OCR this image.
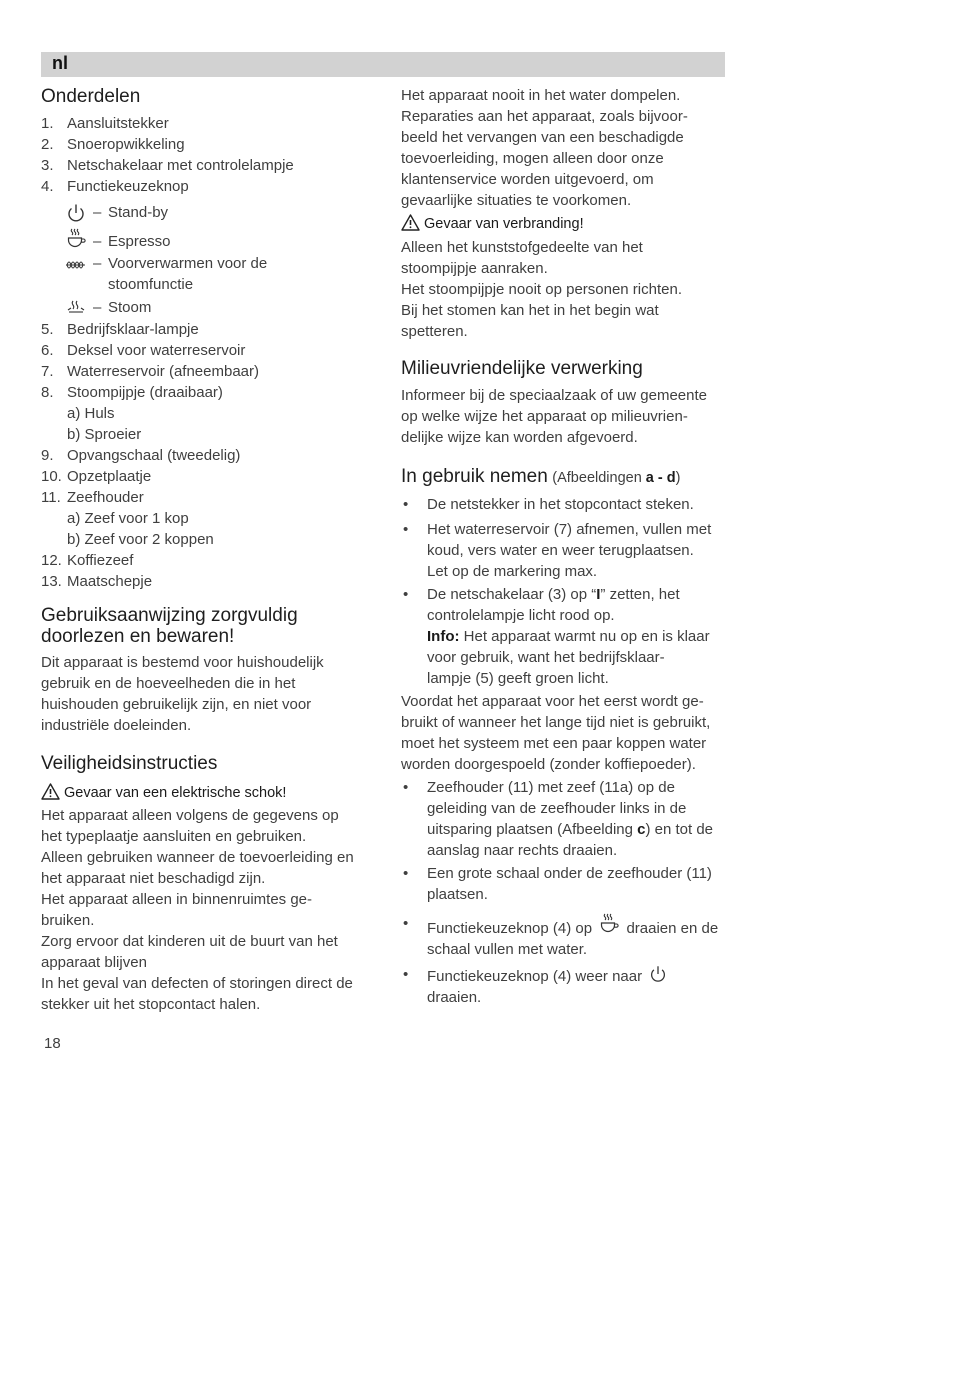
nl
Onderdelen
1. Aansluitstekker
2. Snoeropwikkeling
3. Netschakelaar met controlelampje
4. Functiekeuzeknop
– Stand-by
– Espresso
– Voorverwarmen voor de
stoomfunctie
– Stoom
5. Bedrijfsklaar-lampje
6. Deksel voor waterreservoir
7. Waterreservoir (afneembaar)
8. Stoompijpje (draaibaar)
a) Huls
b) Sproeier
9. Opvangschaal (tweedelig)
10. Opzetplaatje
11. Zeefhouder
a) Zeef voor 1 kop
b) Zeef voor 2 koppen
12. Koffiezeef
13. Maatschepje
Gebruiksaanwijzing zorgvuldig
doorlezen en bewaren!
Dit apparaat is bestemd voor huishoudelijk
gebruik en de hoeveelheden die in het
huishouden gebruikelijk zijn, en niet voor
industriële doeleinden.
Veiligheidsinstructies
Gevaar van een elektrische schok!
Het apparaat alleen volgens de gegevens op
het typeplaatje aansluiten en gebruiken.
Alleen gebruiken wanneer de toevoerleiding en
het apparaat niet beschadigd zijn.
Het apparaat alleen in binnenruimtes ge-
bruiken.
Zorg ervoor dat kinderen uit de buurt van het
apparaat blijven
In het geval van defecten of storingen direct de
stekker uit het stopcontact halen.
Het apparaat nooit in het water dompelen.
Reparaties aan het apparaat, zoals bijvoor-
beeld het vervangen van een beschadigde
toevoerleiding, mogen alleen door onze
klantenservice worden uitgevoerd, om
gevaarlijke situaties te voorkomen.
Gevaar van verbranding!
Alleen het kunststofgedeelte van het
stoompijpje aanraken.
Het stoompijpje nooit op personen richten.
Bij het stomen kan het in het begin wat
spetteren.
Milieuvriendelijke verwerking
Informeer bij de speciaalzaak of uw gemeente
op welke wijze het apparaat op milieuvrien-
delijke wijze kan worden afgevoerd.
In gebruik nemen (Afbeeldingen a - d)
• De netstekker in het stopcontact steken.
• Het waterreservoir (7) afnemen, vullen met
koud, vers water en weer terugplaatsen.
Let op de markering max.
• De netschakelaar (3) op “I” zetten, het
controlelampje licht rood op.
Info: Het apparaat warmt nu op en is klaar
voor gebruik, want het bedrijfsklaar-
lampje (5) geeft groen licht.
Voordat het apparaat voor het eerst wordt ge-
bruikt of wanneer het lange tijd niet is gebruikt,
moet het systeem met een paar koppen water
worden doorgespoeld (zonder koffiepoeder).
• Zeefhouder (11) met zeef (11a) op de
geleiding van de zeefhouder links in de
uitsparing plaatsen (Afbeelding c) en tot de
aanslag naar rechts draaien.
• Een grote schaal onder de zeefhouder (11)
plaatsen.
• Functiekeuzeknop (4) op draaien en de
schaal vullen met water.
• Functiekeuzeknop (4) weer naar
draaien.
18
